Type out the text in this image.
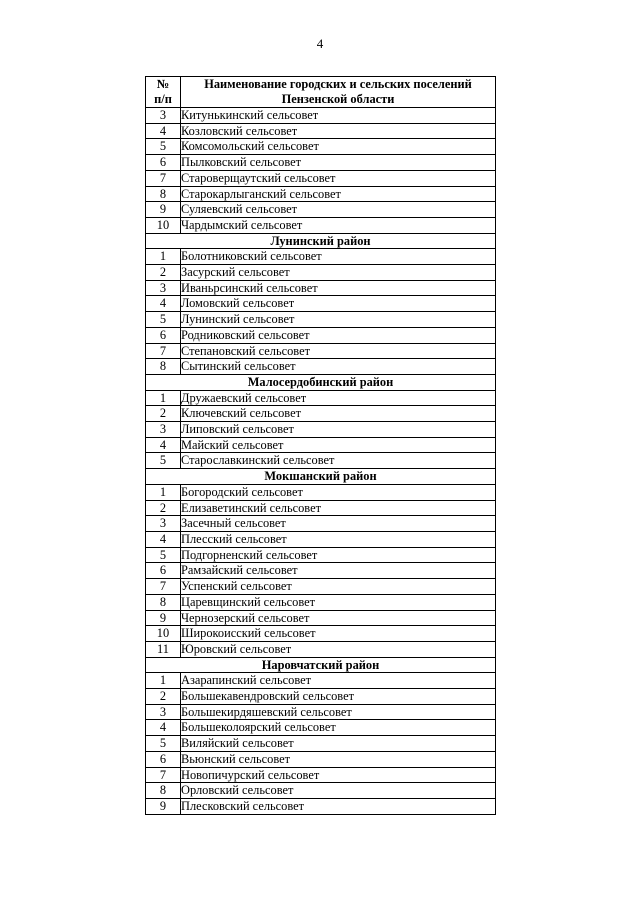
4
№
п/п	Наименование городских и сельских поселений Пензенской области
3	Китунькинский сельсовет
4	Козловский сельсовет
5	Комсомольский сельсовет
6	Пылковский сельсовет
7	Староверщаутский сельсовет
8	Старокарлыганский сельсовет
9	Суляевский сельсовет
10	Чардымский сельсовет
Лунинский район	
1	Болотниковский сельсовет
2	Засурский сельсовет
3	Иваньрсинский сельсовет
4	Ломовский сельсовет
5	Лунинский сельсовет
6	Родниковский сельсовет
7	Степановский сельсовет
8	Сытинский сельсовет
Малосердобинский район	
1	Дружаевский сельсовет
2	Ключевский сельсовет
3	Липовский сельсовет
4	Майский сельсовет
5	Старославкинский сельсовет
Мокшанский район	
1	Богородский сельсовет
2	Елизаветинский сельсовет
3	Засечный сельсовет
4	Плесский сельсовет
5	Подгорненский сельсовет
6	Рамзайский сельсовет
7	Успенский сельсовет
8	Царевщинский сельсовет
9	Чернозерский сельсовет
10	Широкоисский сельсовет
11	Юровский сельсовет
Наровчатский район	
1	Азарапинский сельсовет
2	Большекавендровский сельсовет
3	Большекирдяшевский сельсовет
4	Большеколоярский сельсовет
5	Виляйский сельсовет
6	Вьюнский сельсовет
7	Новопичурский сельсовет
8	Орловский сельсовет
9	Плесковский сельсовет
